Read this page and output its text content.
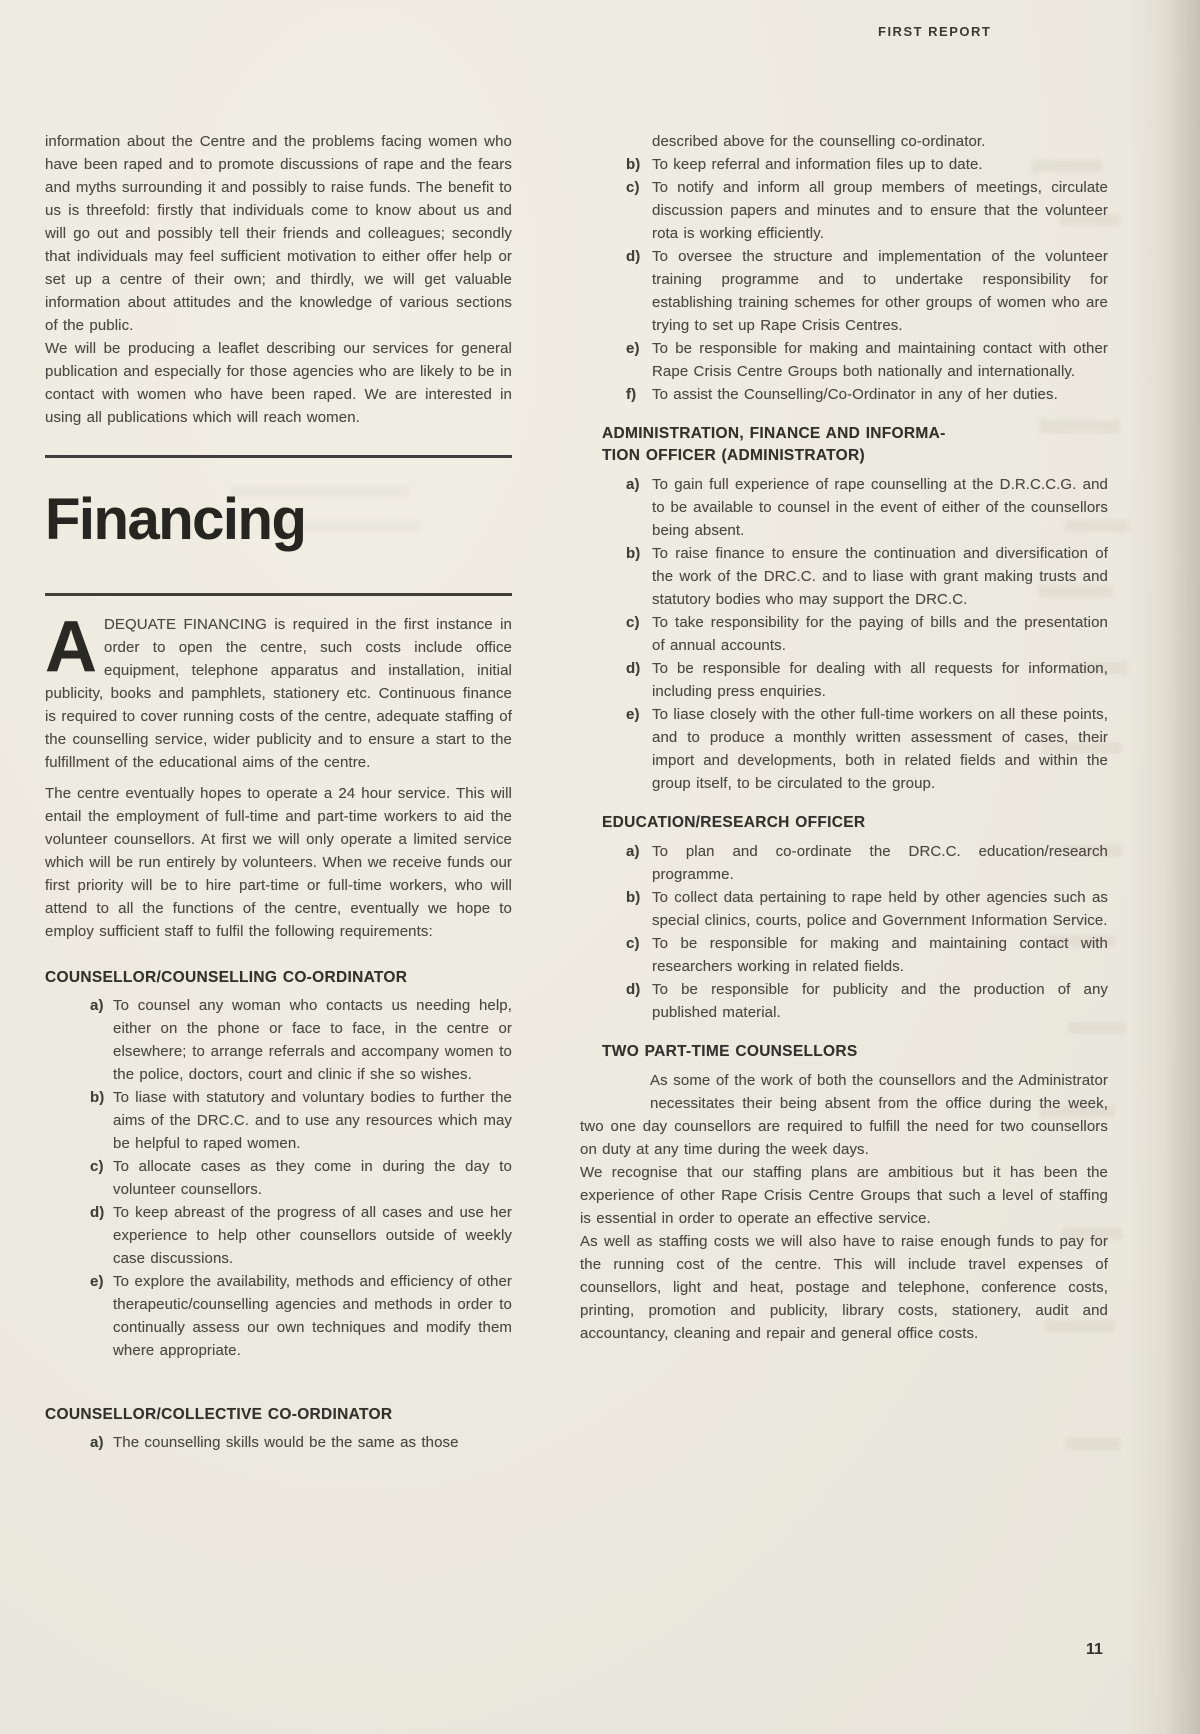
FIRST REPORT

information about the Centre and the problems facing women who have been raped and to promote discussions of rape and the fears and myths surrounding it and possibly to raise funds. The benefit to us is threefold: firstly that individuals come to know about us and will go out and possibly tell their friends and colleagues; secondly that individuals may feel sufficient motivation to either offer help or set up a centre of their own; and thirdly, we will get valuable information about attitudes and the knowledge of various sections of the public.

We will be producing a leaflet describing our services for general publication and especially for those agencies who are likely to be in contact with women who have been raped. We are interested in using all publications which will reach women.

Financing

ADEQUATE FINANCING is required in the first instance in order to open the centre, such costs include office equipment, telephone apparatus and installation, initial publicity, books and pamphlets, stationery etc. Continuous finance is required to cover running costs of the centre, adequate staffing of the counselling service, wider publicity and to ensure a start to the fulfillment of the educational aims of the centre.

The centre eventually hopes to operate a 24 hour service. This will entail the employment of full-time and part-time workers to aid the volunteer counsellors. At first we will only operate a limited service which will be run entirely by volunteers. When we receive funds our first priority will be to hire part-time or full-time workers, who will attend to all the functions of the centre, eventually we hope to employ sufficient staff to fulfil the following requirements:

COUNSELLOR/COUNSELLING CO-ORDINATOR
a) To counsel any woman who contacts us needing help, either on the phone or face to face, in the centre or elsewhere; to arrange referrals and accompany women to the police, doctors, court and clinic if she so wishes.
b) To liase with statutory and voluntary bodies to further the aims of the DRC.C. and to use any resources which may be helpful to raped women.
c) To allocate cases as they come in during the day to volunteer counsellors.
d) To keep abreast of the progress of all cases and use her experience to help other counsellors outside of weekly case discussions.
e) To explore the availability, methods and efficiency of other therapeutic/counselling agencies and methods in order to continually assess our own techniques and modify them where appropriate.
COUNSELLOR/COLLECTIVE CO-ORDINATOR
a) The counselling skills would be the same as those

described above for the counselling co-ordinator.

b) To keep referral and information files up to date.
c) To notify and inform all group members of meetings, circulate discussion papers and minutes and to ensure that the volunteer rota is working efficiently.
d) To oversee the structure and implementation of the volunteer training programme and to undertake responsibility for establishing training schemes for other groups of women who are trying to set up Rape Crisis Centres.
e) To be responsible for making and maintaining contact with other Rape Crisis Centre Groups both nationally and internationally.
f) To assist the Counselling/Co-Ordinator in any of her duties.
ADMINISTRATION, FINANCE AND INFORMA-
TION OFFICER (ADMINISTRATOR)
a) To gain full experience of rape counselling at the D.R.C.C.G. and to be available to counsel in the event of either of the counsellors being absent.
b) To raise finance to ensure the continuation and diversification of the work of the DRC.C. and to liase with grant making trusts and statutory bodies who may support the DRC.C.
c) To take responsibility for the paying of bills and the presentation of annual accounts.
d) To be responsible for dealing with all requests for information, including press enquiries.
e) To liase closely with the other full-time workers on all these points, and to produce a monthly written assessment of cases, their import and developments, both in related fields and within the group itself, to be circulated to the group.
EDUCATION/RESEARCH OFFICER
a) To plan and co-ordinate the DRC.C. education/research programme.
b) To collect data pertaining to rape held by other agencies such as special clinics, courts, police and Government Information Service.
c) To be responsible for making and maintaining contact with researchers working in related fields.
d) To be responsible for publicity and the production of any published material.
TWO PART-TIME COUNSELLORS

As some of the work of both the counsellors and the Administrator necessitates their being absent from the office during the week, two one day counsellors are required to fulfill the need for two counsellors on duty at any time during the week days.

We recognise that our staffing plans are ambitious but it has been the experience of other Rape Crisis Centre Groups that such a level of staffing is essential in order to operate an effective service.

As well as staffing costs we will also have to raise enough funds to pay for the running cost of the centre. This will include travel expenses of counsellors, light and heat, postage and telephone, conference costs, printing, promotion and publicity, library costs, stationery, audit and accountancy, cleaning and repair and general office costs.

11
